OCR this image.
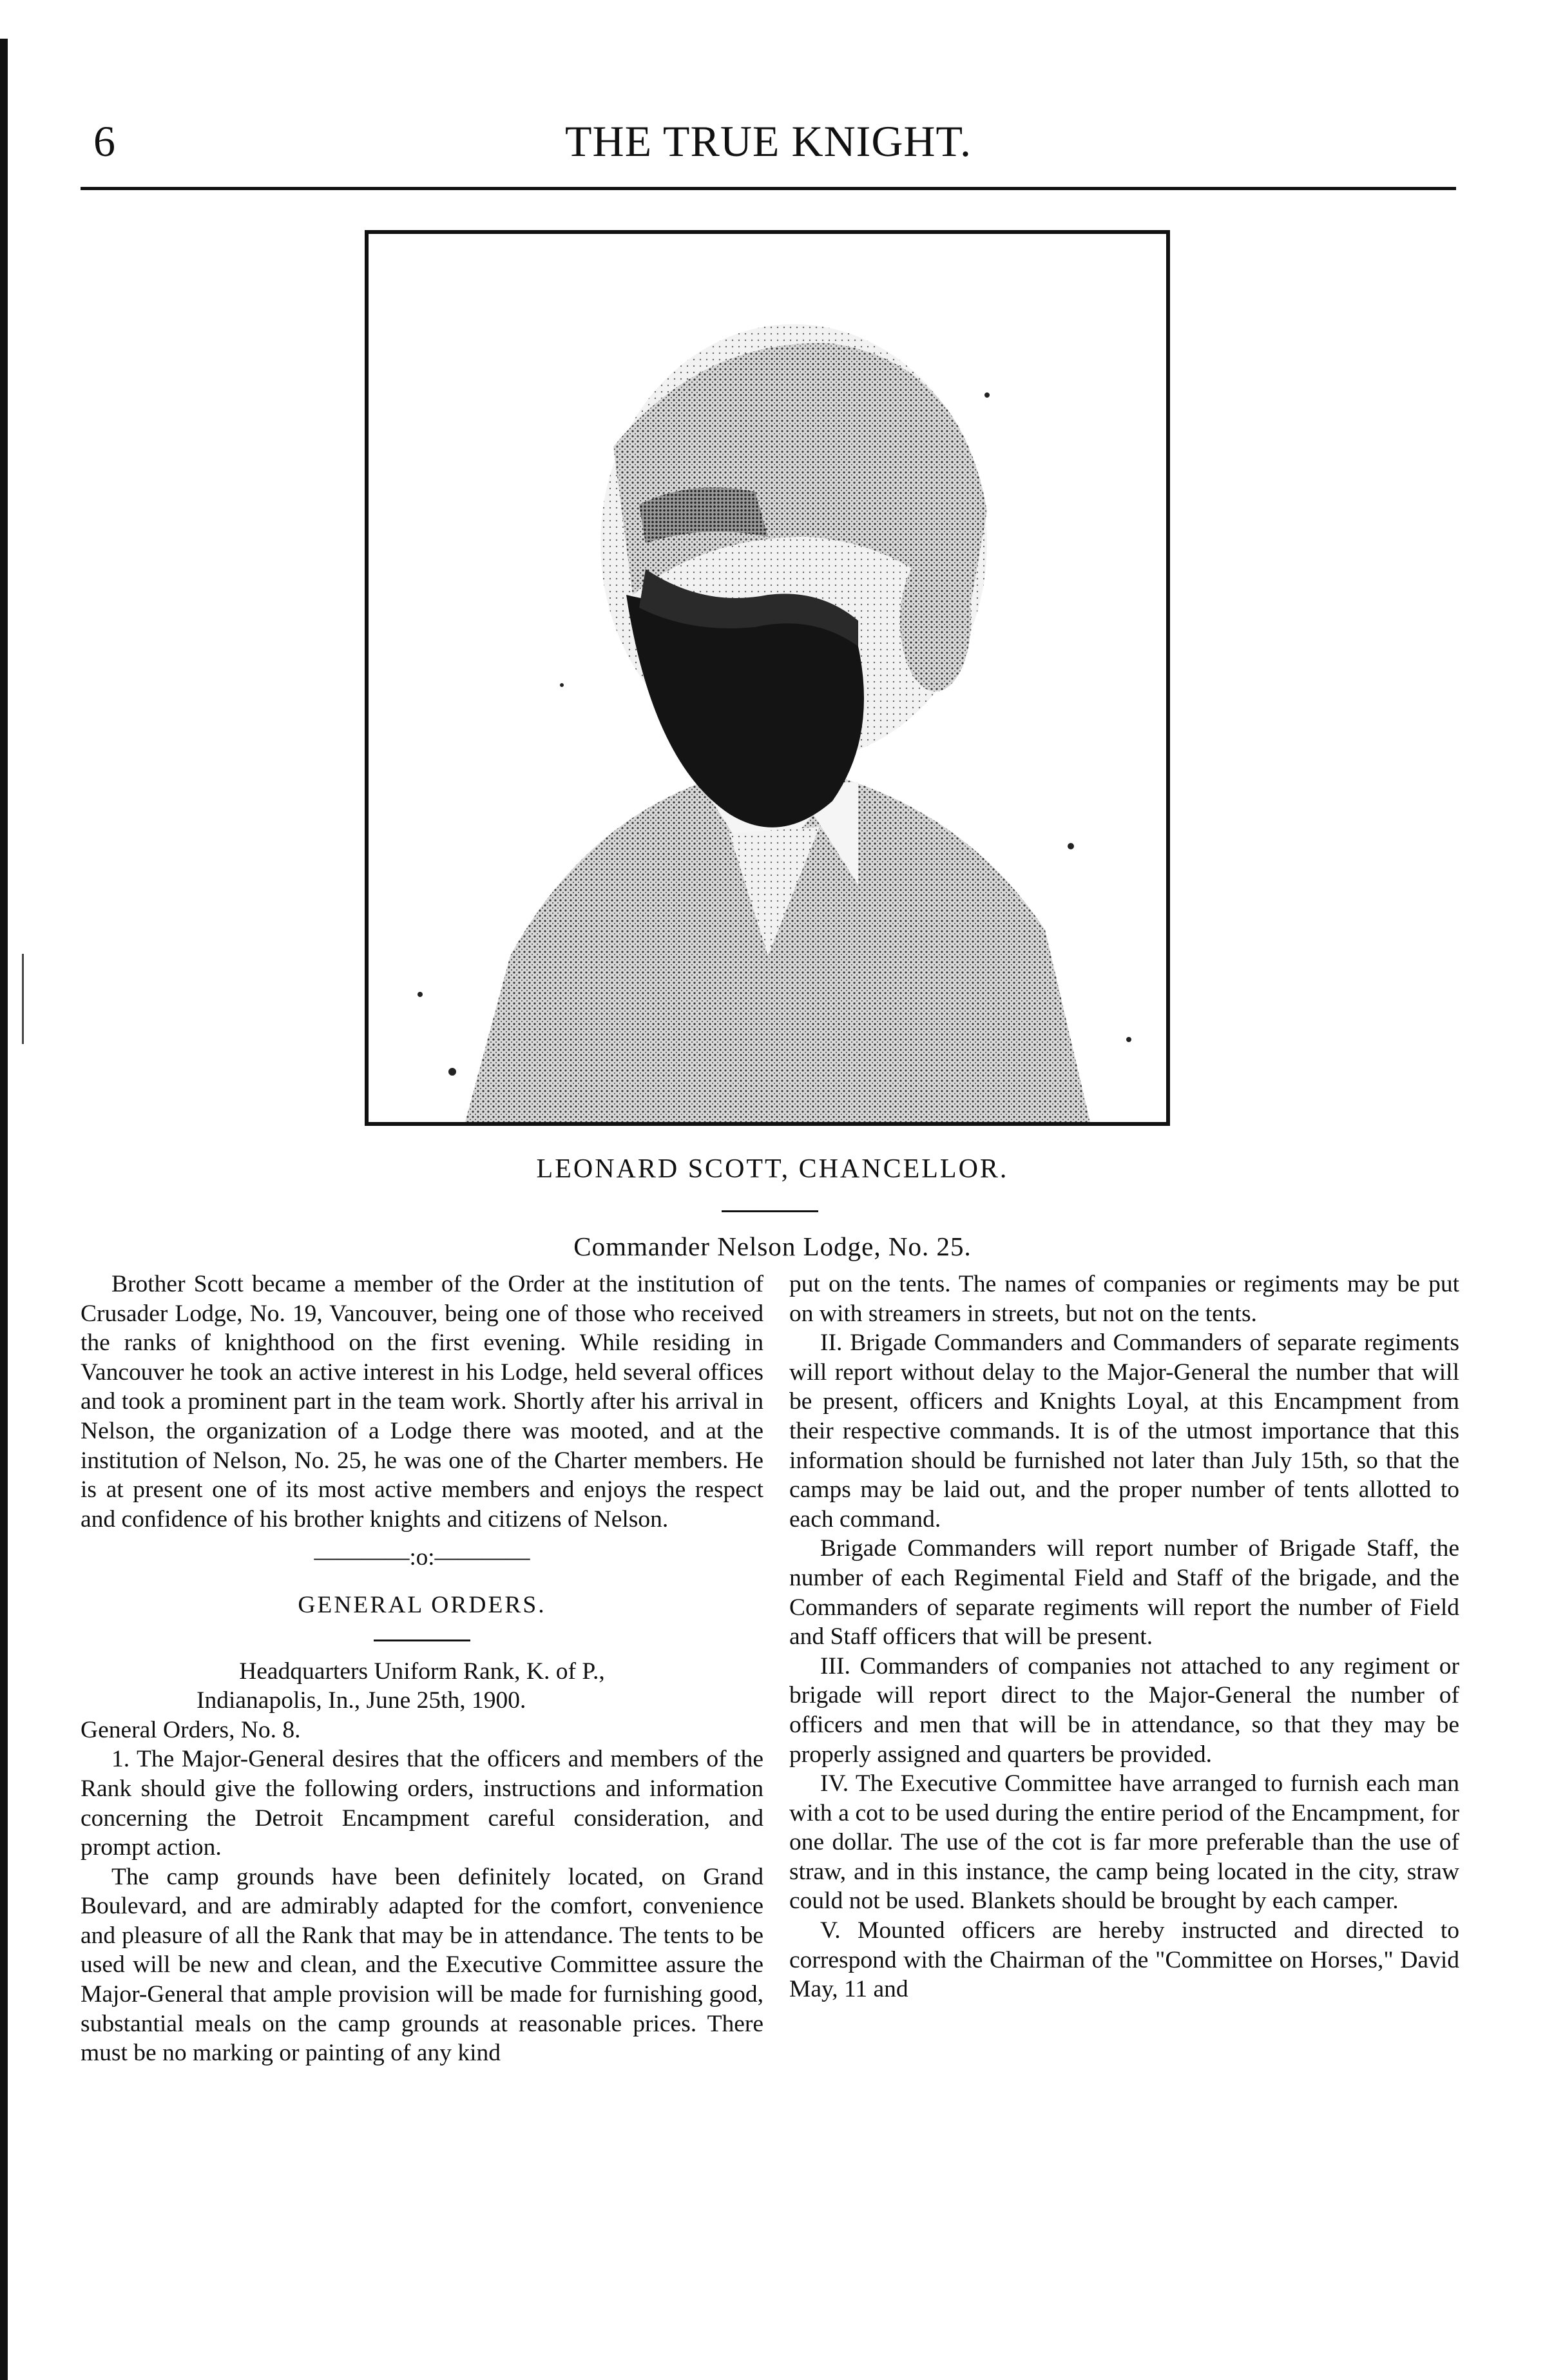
6	THE TRUE KNIGHT.
LEONARD SCOTT, CHANCELLOR.
Commander Nelson Lodge, No. 25.

Brother Scott became a member of the Order at the institution of Crusader Lodge, No. 19, Vancouver, being one of those who received the ranks of knighthood on the first evening. While residing in Vancouver he took an active interest in his Lodge, held several offices and took a prominent part in the team work. Shortly after his arrival in Nelson, the organization of a Lodge there was mooted, and at the institution of Nelson, No. 25, he was one of the Charter members. He is at present one of its most active members and enjoys the respect and confidence of his brother knights and citizens of Nelson.

————:o:————

GENERAL ORDERS.

Headquarters Uniform Rank, K. of P.,

Indianapolis, In., June 25th, 1900.

General Orders, No. 8.

1. The Major-General desires that the officers and members of the Rank should give the following orders, instructions and information concerning the Detroit Encampment careful consideration, and prompt action.

The camp grounds have been definitely located, on Grand Boulevard, and are admirably adapted for the comfort, convenience and pleasure of all the Rank that may be in attendance. The tents to be used will be new and clean, and the Executive Committee assure the Major-General that ample provision will be made for furnishing good, substantial meals on the camp grounds at reasonable prices. There must be no marking or painting of any kind

put on the tents. The names of companies or regiments may be put on with streamers in streets, but not on the tents.

II. Brigade Commanders and Commanders of separate regiments will report without delay to the Major-General the number that will be present, officers and Knights Loyal, at this Encampment from their respective commands. It is of the utmost importance that this information should be furnished not later than July 15th, so that the camps may be laid out, and the proper number of tents allotted to each command.

Brigade Commanders will report number of Brigade Staff, the number of each Regimental Field and Staff of the brigade, and the Commanders of separate regiments will report the number of Field and Staff officers that will be present.

III. Commanders of companies not attached to any regiment or brigade will report direct to the Major-General the number of officers and men that will be in attendance, so that they may be properly assigned and quarters be provided.

IV. The Executive Committee have arranged to furnish each man with a cot to be used during the entire period of the Encampment, for one dollar. The use of the cot is far more preferable than the use of straw, and in this instance, the camp being located in the city, straw could not be used. Blankets should be brought by each camper.

V. Mounted officers are hereby instructed and directed to correspond with the Chairman of the "Committee on Horses," David May, 11 and
